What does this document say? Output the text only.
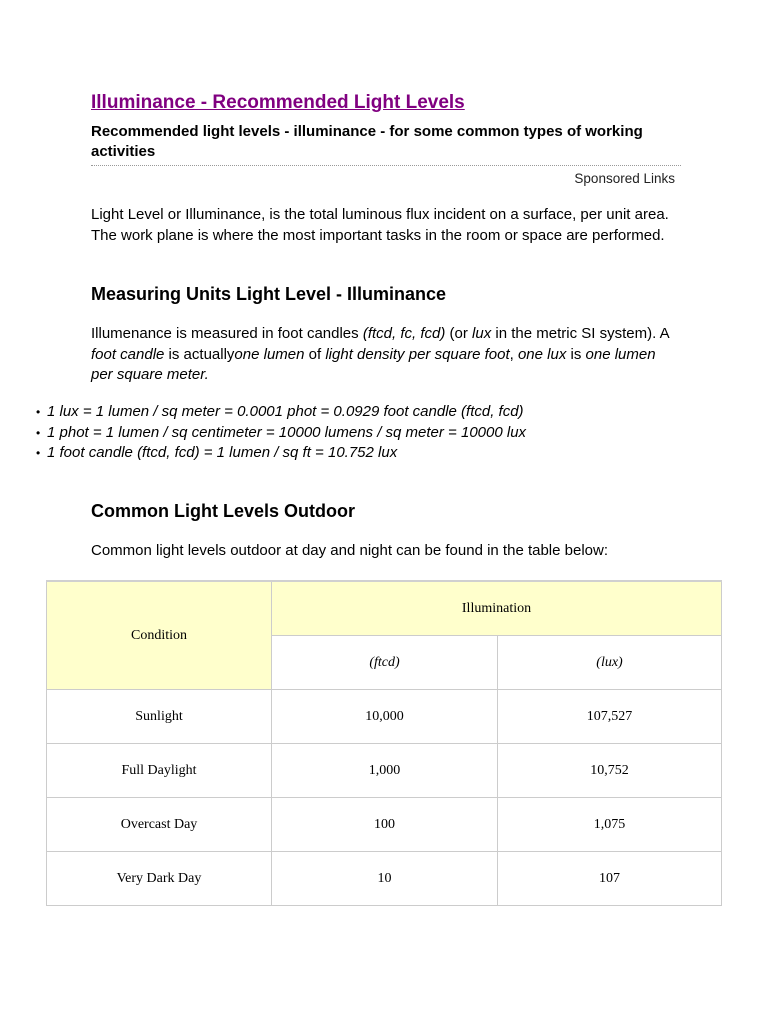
Illuminance - Recommended Light Levels
Recommended light levels - illuminance - for some common types of working activities
Sponsored Links
Light Level or Illuminance, is the total luminous flux incident on a surface, per unit area. The work plane is where the most important tasks in the room or space are performed.
Measuring Units Light Level - Illuminance
Illumenance is measured in foot candles (ftcd, fc, fcd) (or lux in the metric SI system). A foot candle is actuallyone lumen of light density per square foot, one lux is one lumen per square meter.
• 1 lux = 1 lumen / sq meter = 0.0001 phot = 0.0929 foot candle (ftcd, fcd)
• 1 phot = 1 lumen / sq centimeter = 10000 lumens / sq meter = 10000 lux
• 1 foot candle (ftcd, fcd) = 1 lumen / sq ft = 10.752 lux
Common Light Levels Outdoor
Common light levels outdoor at day and night can be found in the table below:
Condition	Illumination	
	(ftcd)	(lux)
Sunlight	10,000	107,527
Full Daylight	1,000	10,752
Overcast Day	100	1,075
Very Dark Day	10	107
